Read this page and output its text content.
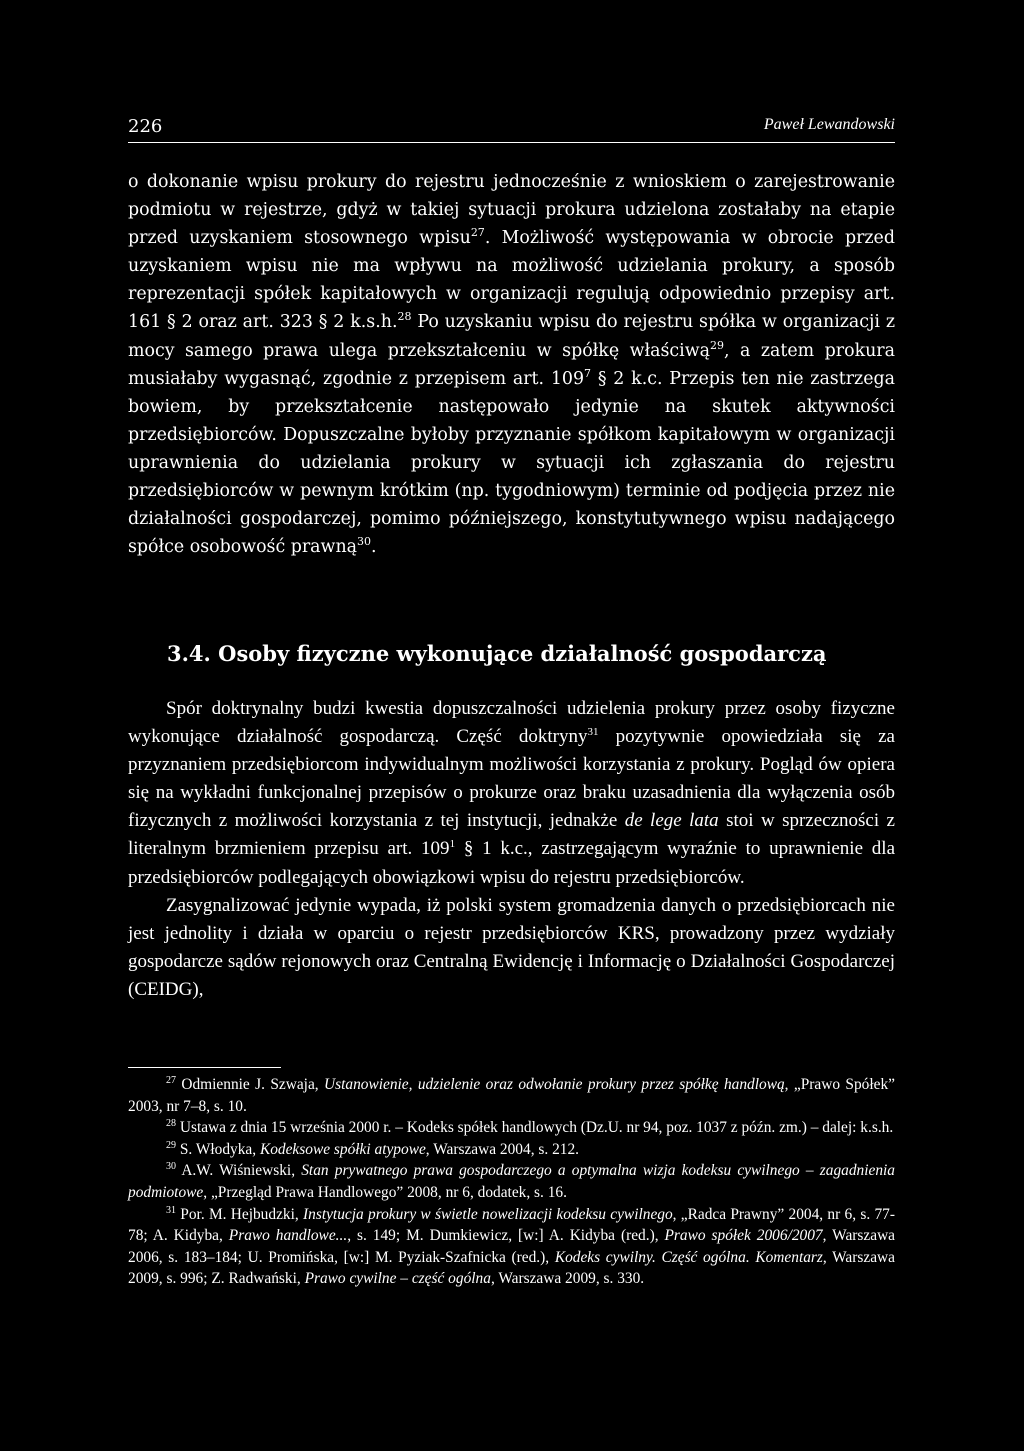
226	Paweł Lewandowski

o dokonanie wpisu prokury do rejestru jednocześnie z wnioskiem o zarejestrowanie podmiotu w rejestrze, gdyż w takiej sytuacji prokura udzielona zostałaby na etapie przed uzyskaniem stosownego wpisu$^{27}$. Możliwość występowania w obrocie przed uzyskaniem wpisu nie ma wpływu na możliwość udzielania prokury, a sposób reprezentacji spółek kapitałowych w organizacji regulują odpowiednio przepisy art. 161 § 2 oraz art. 323 § 2 k.s.h.$^{28}$ Po uzyskaniu wpisu do rejestru spółka w organizacji z mocy samego prawa ulega przekształceniu w spółkę właściwą$^{29}$, a zatem prokura musiałaby wygasnąć, zgodnie z przepisem art. $109^7$ § 2 k.c. Przepis ten nie zastrzega bowiem, by przekształcenie następowało jedynie na skutek aktywności przedsiębiorców. Dopuszczalne byłoby przyznanie spółkom kapitałowym w organizacji uprawnienia do udzielania prokury w sytuacji ich zgłaszania do rejestru przedsiębiorców w pewnym krótkim (np. tygodniowym) terminie od podjęcia przez nie działalności gospodarczej, pomimo późniejszego, konstytutywnego wpisu nadającego spółce osobowość prawną$^{30}$.

3.4. Osoby fizyczne wykonujące działalność gospodarczą

Spór doktrynalny budzi kwestia dopuszczalności udzielenia prokury przez osoby fizyczne wykonujące działalność gospodarczą. Część doktryny$^{31}$ pozytywnie opowiedziała się za przyznaniem przedsiębiorcom indywidualnym możliwości korzystania z prokury. Pogląd ów opiera się na wykładni funkcjonalnej przepisów o prokurze oraz braku uzasadnienia dla wyłączenia osób fizycznych z możliwości korzystania z tej instytucji, jednakże de lege lata stoi w sprzeczności z literalnym brzmieniem przepisu art. $109^1$ § 1 k.c., zastrzegającym wyraźnie to uprawnienie dla przedsiębiorców podlegających obowiązkowi wpisu do rejestru przedsiębiorców.

Zasygnalizować jedynie wypada, iż polski system gromadzenia danych o przedsiębiorcach nie jest jednolity i działa w oparciu o rejestr przedsiębiorców KRS, prowadzony przez wydziały gospodarcze sądów rejonowych oraz Centralną Ewidencję i Informację o Działalności Gospodarczej (CEIDG),

$^{27}$ Odmiennie J. Szwaja, Ustanowienie, udzielenie oraz odwołanie prokury przez spółkę handlową, „Prawo Spółek” 2003, nr 7–8, s. 10.

$^{28}$ Ustawa z dnia 15 września 2000 r. – Kodeks spółek handlowych (Dz.U. nr 94, poz. 1037 z późn. zm.) – dalej: k.s.h.

$^{29}$ S. Włodyka, Kodeksowe spółki atypowe, Warszawa 2004, s. 212.

$^{30}$ A.W. Wiśniewski, Stan prywatnego prawa gospodarczego a optymalna wizja kodeksu cywilnego – zagadnienia podmiotowe, „Przegląd Prawa Handlowego” 2008, nr 6, dodatek, s. 16.

$^{31}$ Por. M. Hejbudzki, Instytucja prokury w świetle nowelizacji kodeksu cywilnego, „Radca Prawny” 2004, nr 6, s. 77-78; A. Kidyba, Prawo handlowe..., s. 149; M. Dumkiewicz, [w:] A. Kidyba (red.), Prawo spółek 2006/2007, Warszawa 2006, s. 183–184; U. Promińska, [w:] M. Pyziak-Szafnicka (red.), Kodeks cywilny. Część ogólna. Komentarz, Warszawa 2009, s. 996; Z. Radwański, Prawo cywilne – część ogólna, Warszawa 2009, s. 330.
